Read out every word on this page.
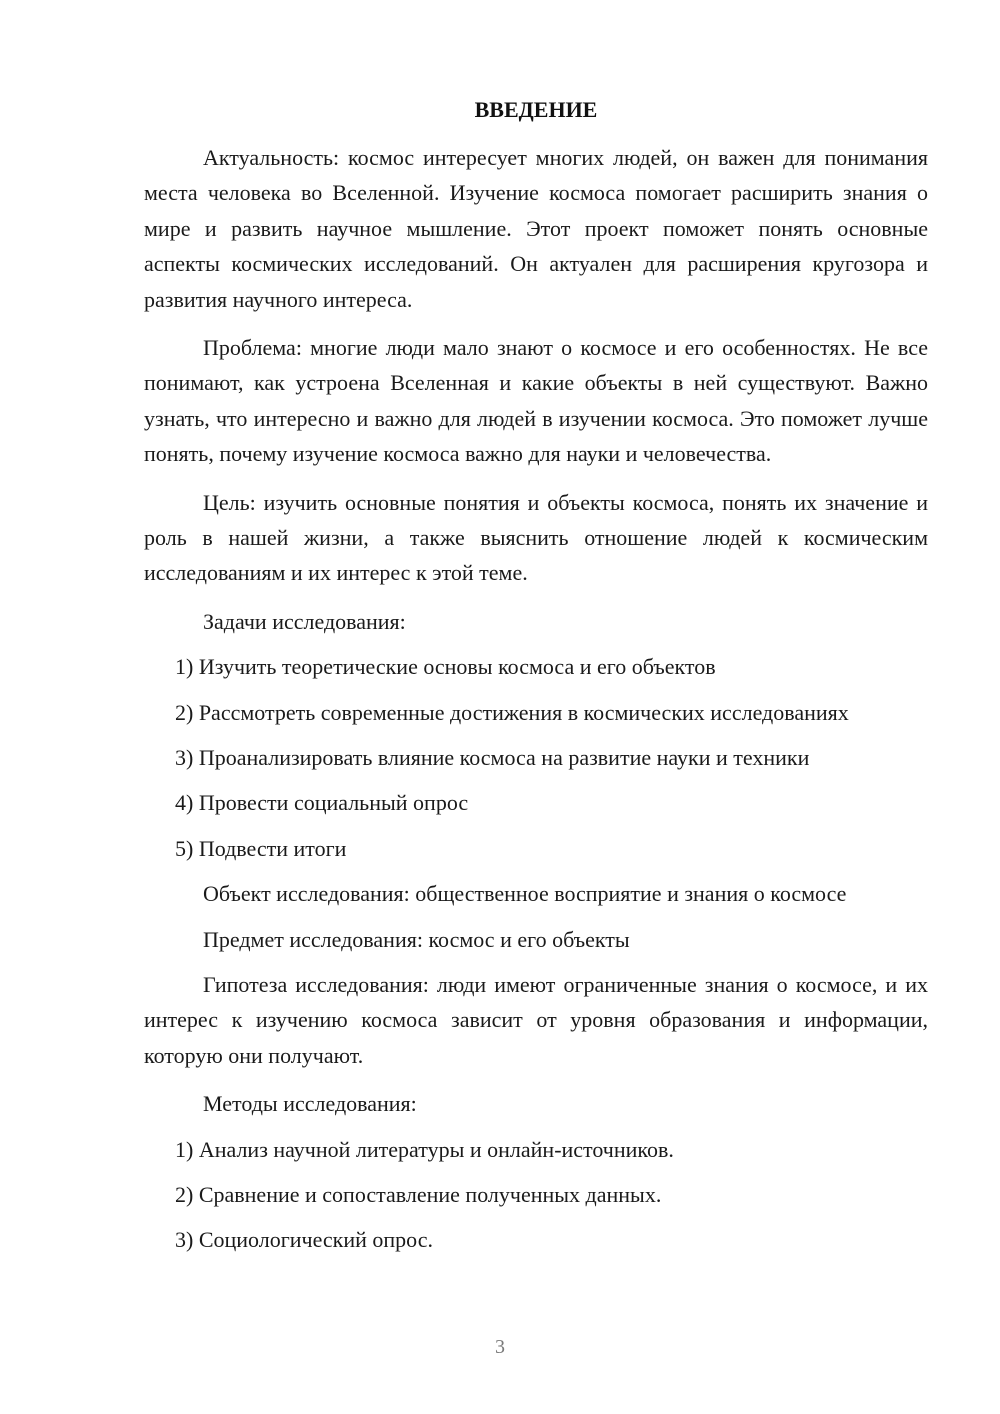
ВВЕДЕНИЕ

Актуальность: космос интересует многих людей, он важен для понимания места человека во Вселенной. Изучение космоса помогает расширить знания о мире и развить научное мышление. Этот проект поможет понять основные аспекты космических исследований. Он актуален для расширения кругозора и развития научного интереса.

Проблема: многие люди мало знают о космосе и его особенностях. Не все понимают, как устроена Вселенная и какие объекты в ней существуют. Важно узнать, что интересно и важно для людей в изучении космоса. Это поможет лучше понять, почему изучение космоса важно для науки и человечества.

Цель: изучить основные понятия и объекты космоса, понять их значение и роль в нашей жизни, а также выяснить отношение людей к космическим исследованиям и их интерес к этой теме.

Задачи исследования:
1) Изучить теоретические основы космоса и его объектов
2) Рассмотреть современные достижения в космических исследованиях
3) Проанализировать влияние космоса на развитие науки и техники
4) Провести социальный опрос
5) Подвести итоги
Объект исследования: общественное восприятие и знания о космосе
Предмет исследования: космос и его объекты

Гипотеза исследования: люди имеют ограниченные знания о космосе, и их интерес к изучению космоса зависит от уровня образования и информации, которую они получают.

Методы исследования:
1) Анализ научной литературы и онлайн-источников.
2) Сравнение и сопоставление полученных данных.
3) Социологический опрос.
3
